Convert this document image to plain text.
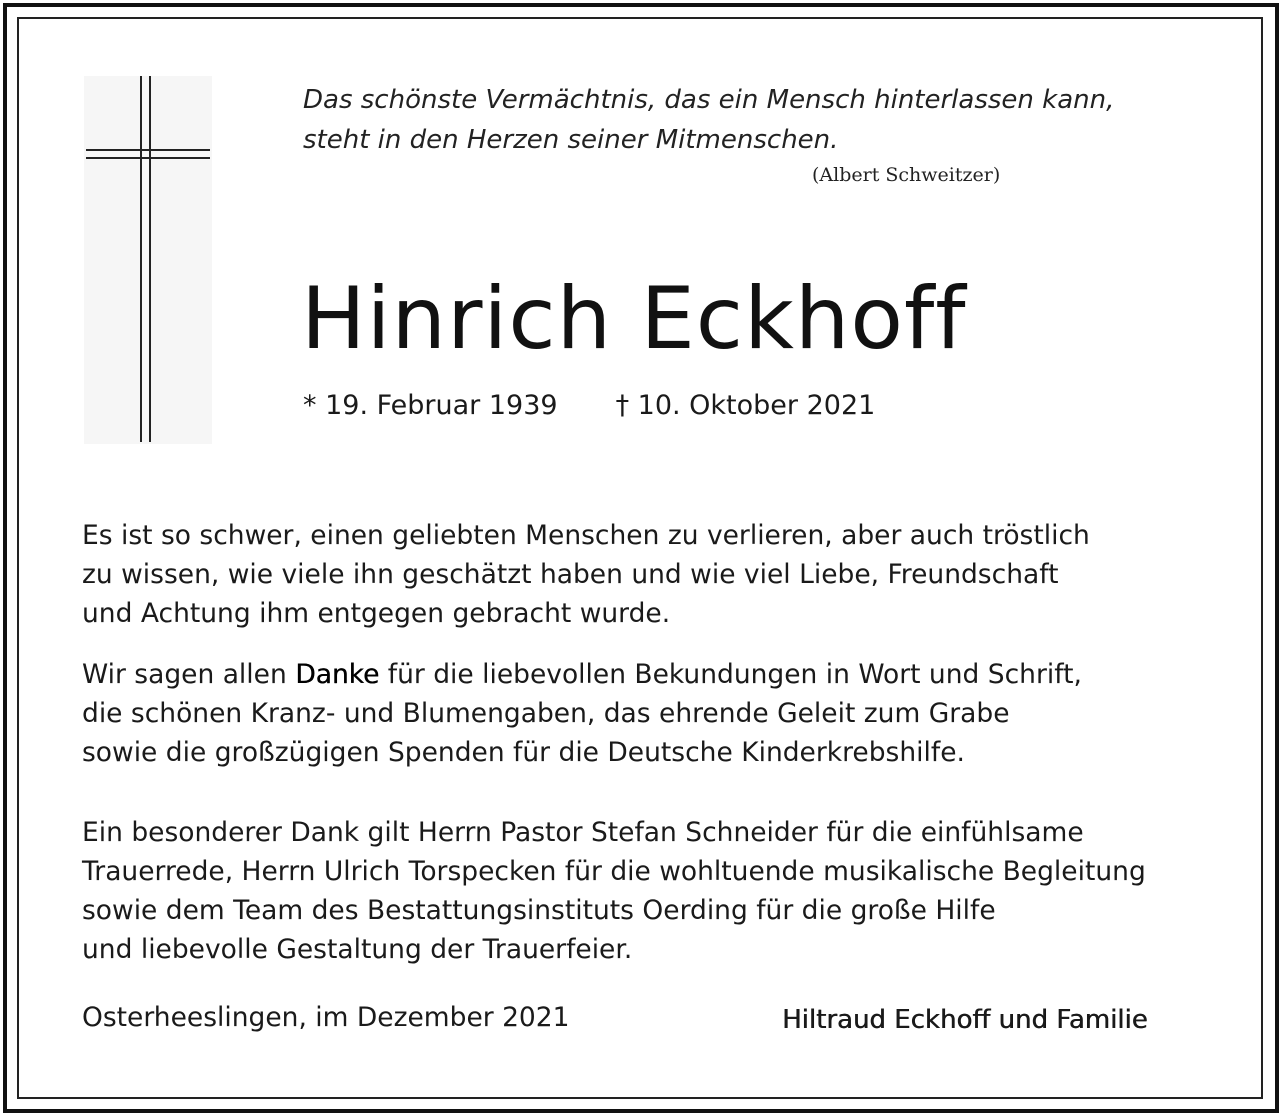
Das schönste Vermächtnis, das ein Mensch hinterlassen kann,
steht in den Herzen seiner Mitmenschen.
(Albert Schweitzer)
Hinrich Eckhoff
* 19. Februar 1939 † 10. Oktober 2021
Es ist so schwer, einen geliebten Menschen zu verlieren, aber auch tröstlich
zu wissen, wie viele ihn geschätzt haben und wie viel Liebe, Freundschaft
und Achtung ihm entgegen gebracht wurde.
Wir sagen allen Danke für die liebevollen Bekundungen in Wort und Schrift,
die schönen Kranz- und Blumengaben, das ehrende Geleit zum Grabe
sowie die großzügigen Spenden für die Deutsche Kinderkrebshilfe.
Ein besonderer Dank gilt Herrn Pastor Stefan Schneider für die einfühlsame
Trauerrede, Herrn Ulrich Torspecken für die wohltuende musikalische Begleitung
sowie dem Team des Bestattungsinstituts Oerding für die große Hilfe
und liebevolle Gestaltung der Trauerfeier.
Osterheeslingen, im Dezember 2021	Hiltraud Eckhoff und Familie
